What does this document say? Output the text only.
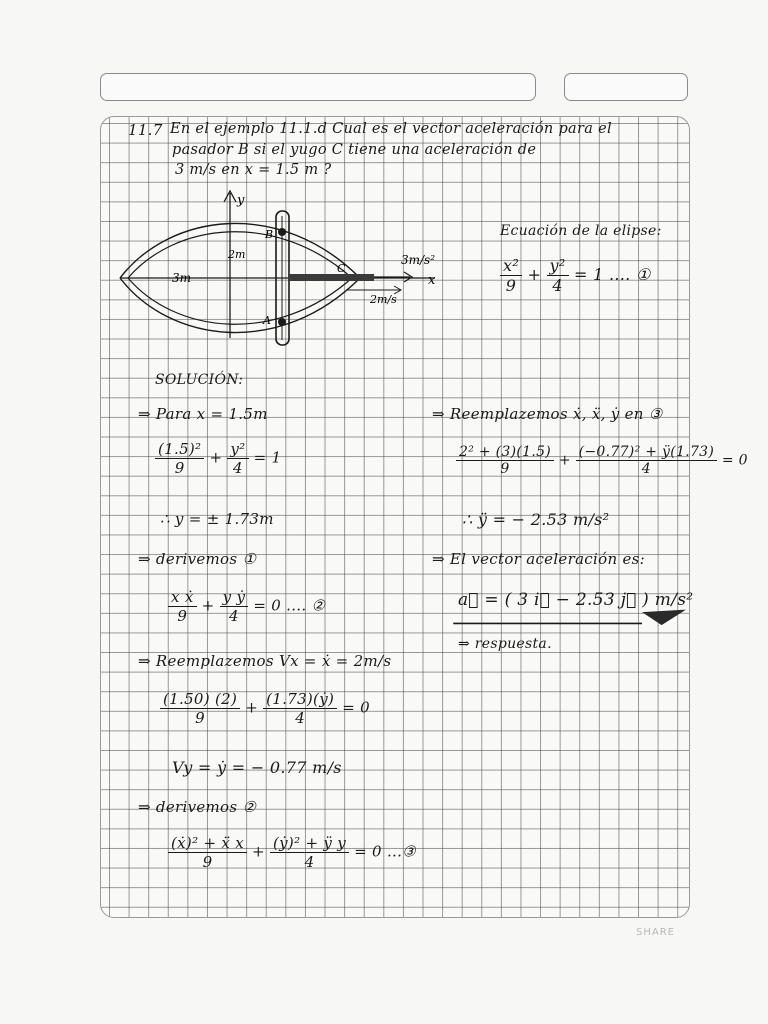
11.7 En el ejemplo 11.1.d Cual es el vector aceleración para el
pasador B si el yugo C tiene una aceleración de
3 m/s en x = 1.5 m ?
y
x
2m
3m
B
A
C
3m/s²
2m/s
Ecuación de la elipse:
$\frac{\text{x²}}{9} + \frac{\text{y²}}{4} = 1$ .... ①
SOLUCIÓN:
⇒ Para x = 1.5m
$\frac{\text{(1.5)²}}{9} + \frac{\text{y²}}{4} = 1$
∴ y = ± 1.73m
⇒ derivemos ①
$\frac{\text{x ẋ}}{9} + \frac{\text{y ẏ}}{4} = 0$ .... ②
⇒ Reemplazemos Vx = ẋ = 2m/s
$\frac{(1.50) (2)}{9} + \frac{\text{(1.73)(ẏ)}}{4} = 0$
Vy = ẏ = − 0.77 m/s
⇒ derivemos ②
$\frac{\text{(ẋ)² + ẍ x}}{9} + \frac{\text{(ẏ)² + ÿ y}}{4} = 0$ ...③
⇒ Reemplazemos ẋ, ẍ, ẏ en ③
$\frac{\text{2² + (3)(1.5)}}{9} + \frac{\text{(−0.77)² + ÿ(1.73)}}{4} = 0$
∴ ÿ = − 2.53 m/s²
⇒ El vector aceleración es:
a⃗ = ( 3 i⃗ − 2.53 j⃗ ) m/s²
⇒ respuesta.
SHARE
